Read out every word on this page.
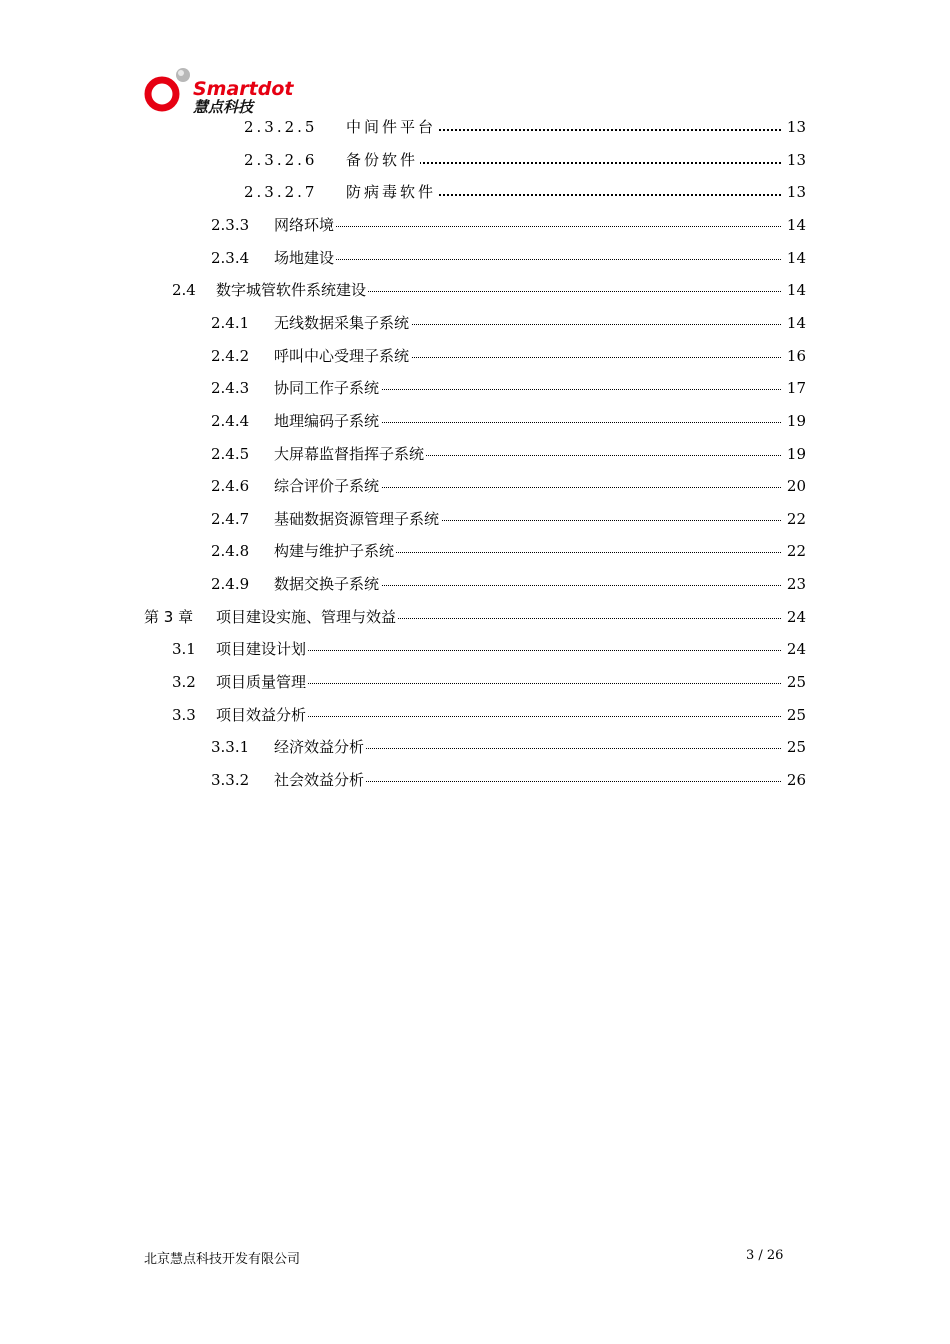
Smartdot
慧点科技
2.3.2.5 中间件平台	13
2.3.2.6 备份软件	13
2.3.2.7 防病毒软件	13
2.3.3 网络环境	14
2.3.4 场地建设	14
2.4 数字城管软件系统建设	14
2.4.1 无线数据采集子系统	14
2.4.2 呼叫中心受理子系统	16
2.4.3 协同工作子系统	17
2.4.4 地理编码子系统	19
2.4.5 大屏幕监督指挥子系统	19
2.4.6 综合评价子系统	20
2.4.7 基础数据资源管理子系统	22
2.4.8 构建与维护子系统	22
2.4.9 数据交换子系统	23
第 3 章 项目建设实施、管理与效益	24
3.1 项目建设计划	24
3.2 项目质量管理	25
3.3 项目效益分析	25
3.3.1 经济效益分析	25
3.3.2 社会效益分析	26
北京慧点科技开发有限公司	3 / 26
